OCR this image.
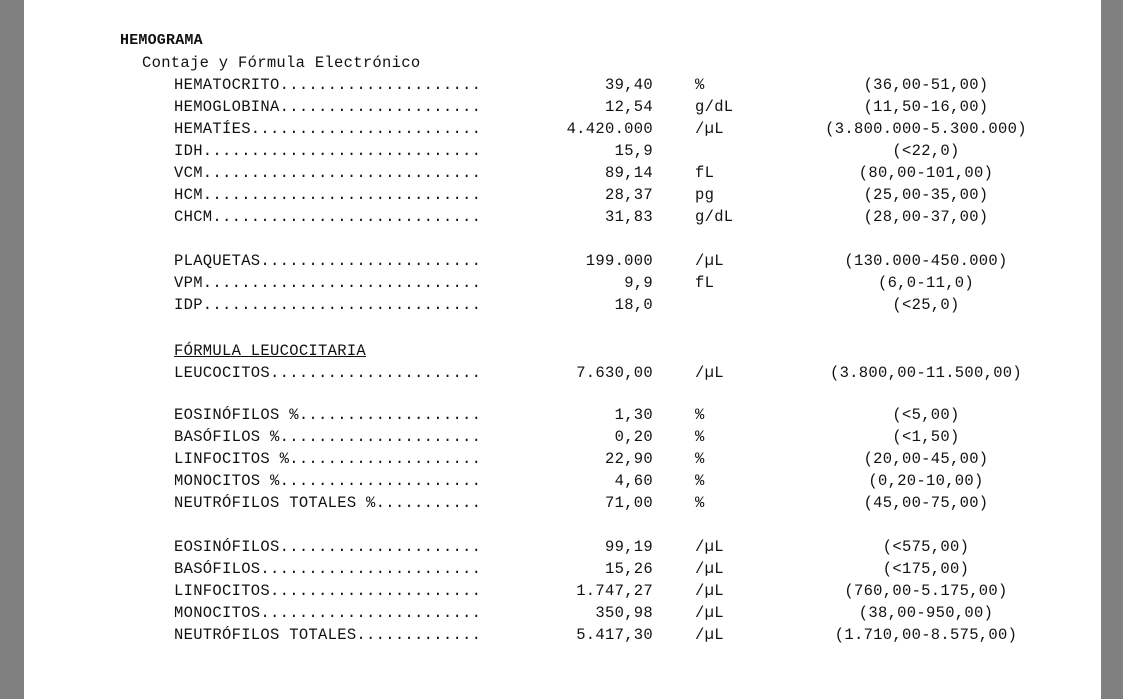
HEMOGRAMA
Contaje y Fórmula Electrónico
FÓRMULA LEUCOCITARIA
HEMATOCRITO.....................	39,40	%	(36,00-51,00)
HEMOGLOBINA.....................	12,54	g/dL	(11,50-16,00)
HEMATÍES........................	4.420.000	/µL	(3.800.000-5.300.000)
IDH.............................	15,9	(<22,0)
VCM.............................	89,14	fL	(80,00-101,00)
HCM.............................	28,37	pg	(25,00-35,00)
CHCM............................	31,83	g/dL	(28,00-37,00)
PLAQUETAS.......................	199.000	/µL	(130.000-450.000)
VPM.............................	9,9	fL	(6,0-11,0)
IDP.............................	18,0	(<25,0)
LEUCOCITOS......................	7.630,00	/µL	(3.800,00-11.500,00)
EOSINÓFILOS %...................	1,30	%	(<5,00)
BASÓFILOS %.....................	0,20	%	(<1,50)
LINFOCITOS %....................	22,90	%	(20,00-45,00)
MONOCITOS %.....................	4,60	%	(0,20-10,00)
NEUTRÓFILOS TOTALES %...........	71,00	%	(45,00-75,00)
EOSINÓFILOS.....................	99,19	/µL	(<575,00)
BASÓFILOS.......................	15,26	/µL	(<175,00)
LINFOCITOS......................	1.747,27	/µL	(760,00-5.175,00)
MONOCITOS.......................	350,98	/µL	(38,00-950,00)
NEUTRÓFILOS TOTALES.............	5.417,30	/µL	(1.710,00-8.575,00)
